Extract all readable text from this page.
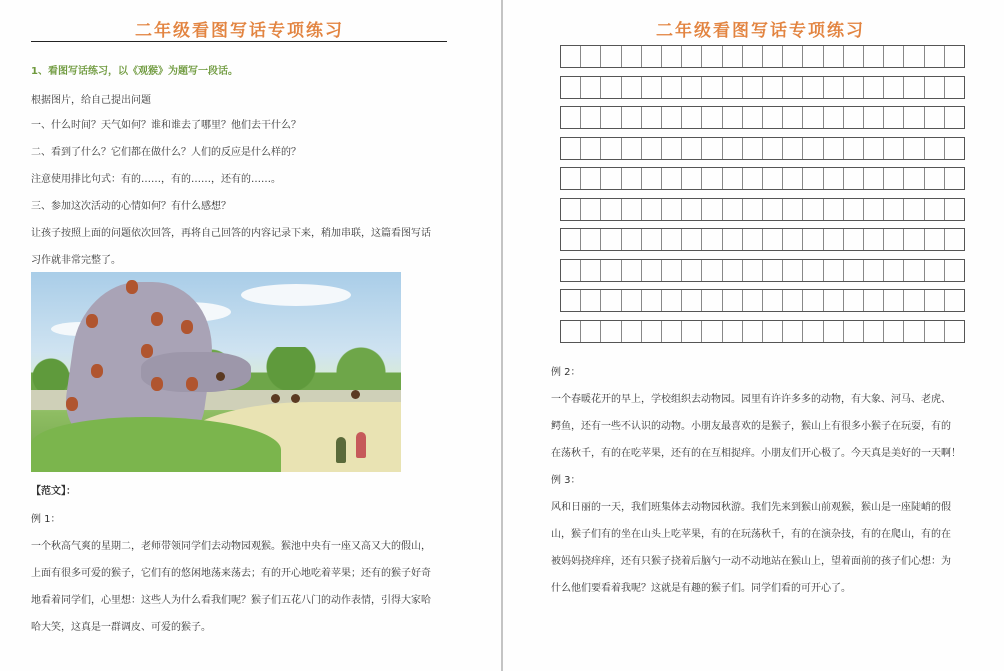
二年级看图写话专项练习
1、看图写话练习，以《观猴》为题写一段话。
根据图片，给自己提出问题
一、什么时间？天气如何？谁和谁去了哪里？他们去干什么？
二、看到了什么？它们都在做什么？人们的反应是什么样的？
注意使用排比句式：有的……，有的……，还有的……。
三、参加这次活动的心情如何？有什么感想？
让孩子按照上面的问题依次回答，再将自己回答的内容记录下来，稍加串联，这篇看图写话
习作就非常完整了。
【范文】：
例 1：
一个秋高气爽的星期二，老师带领同学们去动物园观猴。猴池中央有一座又高又大的假山，
上面有很多可爱的猴子，它们有的悠闲地荡来荡去；有的开心地吃着苹果；还有的猴子好奇
地看着同学们，心里想：这些人为什么看我们呢？猴子们五花八门的动作表情，引得大家哈
哈大笑，这真是一群调皮、可爱的猴子。
二年级看图写话专项练习
例 2：
一个春暖花开的早上，学校组织去动物园。园里有许许多多的动物，有大象、河马、老虎、
鳄鱼，还有一些不认识的动物。小朋友最喜欢的是猴子，猴山上有很多小猴子在玩耍，有的
在荡秋千，有的在吃苹果，还有的在互相捉痒。小朋友们开心极了。今天真是美好的一天啊！
例 3：
风和日丽的一天，我们班集体去动物园秋游。我们先来到猴山前观猴，猴山是一座陡峭的假
山，猴子们有的坐在山头上吃苹果，有的在玩荡秋千，有的在演杂技，有的在爬山，有的在
被妈妈挠痒痒，还有只猴子挠着后脑勺一动不动地站在猴山上，望着面前的孩子们心想：为
什么他们要看着我呢？这就是有趣的猴子们。同学们看的可开心了。
